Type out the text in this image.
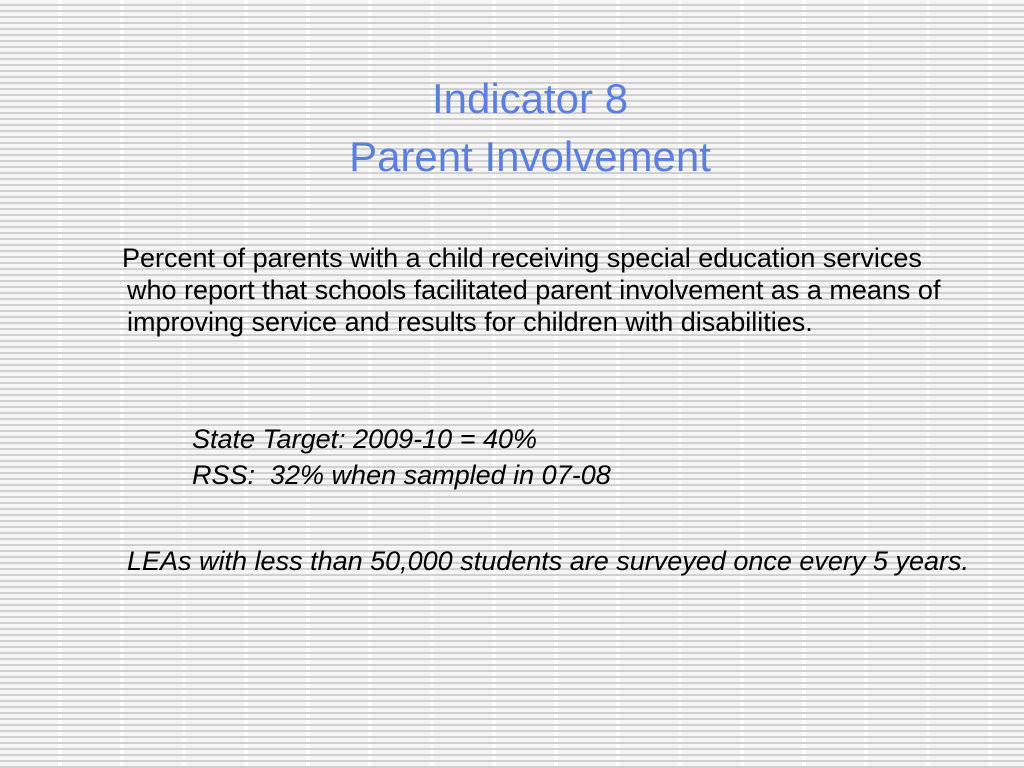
Indicator 8
Parent Involvement

Percent of parents with a child receiving special education services who report that schools facilitated parent involvement as a means of improving service and results for children with disabilities.

State Target: 2009-10 = 40%
RSS:  32% when sampled in 07-08
LEAs with less than 50,000 students are surveyed once every 5 years.
